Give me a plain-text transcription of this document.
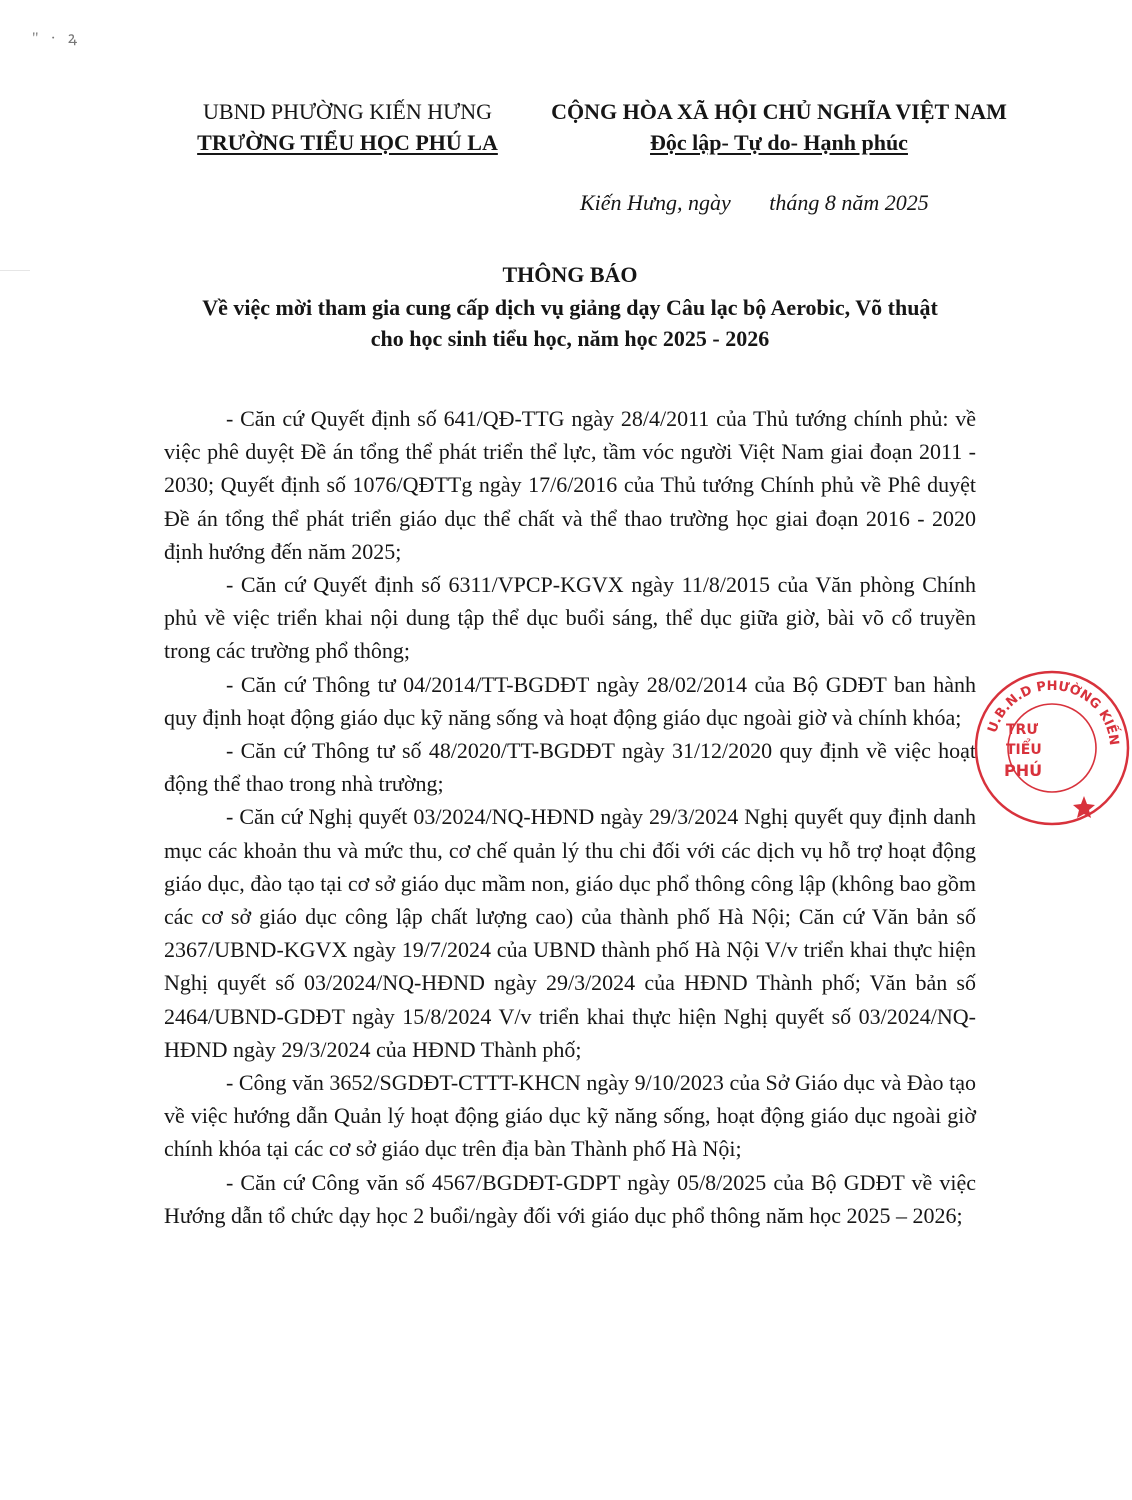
" · ꝝ
UBND PHƯỜNG KIẾN HƯNG
TRƯỜNG TIỂU HỌC PHÚ LA
CỘNG HÒA XÃ HỘI CHỦ NGHĨA VIỆT NAM
Độc lập- Tự do- Hạnh phúc
Kiến Hưng, ngày       tháng 8 năm 2025
THÔNG BÁO
Về việc mời tham gia cung cấp dịch vụ giảng dạy Câu lạc bộ Aerobic, Võ thuật
cho học sinh tiểu học, năm học 2025 - 2026

- Căn cứ Quyết định số 641/QĐ-TTG ngày 28/4/2011 của Thủ tướng chính phủ: về việc phê duyệt Đề án tổng thể phát triển thể lực, tầm vóc người Việt Nam giai đoạn 2011 - 2030; Quyết định số 1076/QĐTTg ngày 17/6/2016 của Thủ tướng Chính phủ về Phê duyệt Đề án tổng thể phát triển giáo dục thể chất và thể thao trường học giai đoạn 2016 - 2020 định hướng đến năm 2025;

- Căn cứ Quyết định số 6311/VPCP-KGVX ngày 11/8/2015 của Văn phòng Chính phủ về việc triển khai nội dung tập thể dục buổi sáng, thể dục giữa giờ, bài võ cổ truyền trong các trường phổ thông;

- Căn cứ Thông tư 04/2014/TT-BGDĐT ngày 28/02/2014 của Bộ GDĐT ban hành quy định hoạt động giáo dục kỹ năng sống và hoạt động giáo dục ngoài giờ và chính khóa;

- Căn cứ Thông tư số 48/2020/TT-BGDĐT ngày 31/12/2020 quy định về việc hoạt động thể thao trong nhà trường;

- Căn cứ Nghị quyết 03/2024/NQ-HĐND ngày 29/3/2024 Nghị quyết quy định danh mục các khoản thu và mức thu, cơ chế quản lý thu chi đối với các dịch vụ hỗ trợ hoạt động giáo dục, đào tạo tại cơ sở giáo dục mầm non, giáo dục phổ thông công lập (không bao gồm các cơ sở giáo dục công lập chất lượng cao) của thành phố Hà Nội; Căn cứ Văn bản số 2367/UBND-KGVX ngày 19/7/2024 của UBND thành phố Hà Nội V/v triển khai thực hiện Nghị quyết số 03/2024/NQ-HĐND ngày 29/3/2024 của HĐND Thành phố; Văn bản số 2464/UBND-GDĐT ngày 15/8/2024 V/v triển khai thực hiện Nghị quyết số 03/2024/NQ-HĐND ngày 29/3/2024 của HĐND Thành phố;

- Công văn 3652/SGDĐT-CTTT-KHCN ngày 9/10/2023 của Sở Giáo dục và Đào tạo về việc hướng dẫn Quản lý hoạt động giáo dục kỹ năng sống, hoạt động giáo dục ngoài giờ chính khóa tại các cơ sở giáo dục trên địa bàn Thành phố Hà Nội;

- Căn cứ Công văn số 4567/BGDĐT-GDPT ngày 05/8/2025 của Bộ GDĐT về việc Hướng dẫn tổ chức dạy học 2 buổi/ngày đối với giáo dục phổ thông năm học 2025 – 2026;

U.B.N.D PHƯỜNG KIẾN
TRƯ
TIỂU
PHÚ
